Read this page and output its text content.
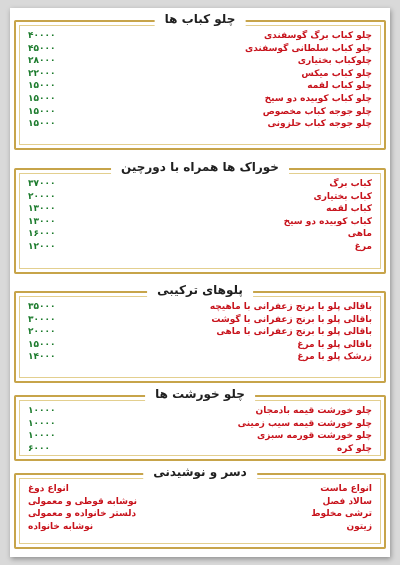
چلو کباب ها
۴۰۰۰۰	چلو کباب برگ گوسفندی
۴۵۰۰۰	چلو کباب سلطانی گوسفندی
۲۸۰۰۰	چلوکباب بختیاری
۲۲۰۰۰	چلو کباب میکس
۱۵۰۰۰	چلو کباب لقمه
۱۵۰۰۰	چلو کباب کوبیده دو سیخ
۱۵۰۰۰	چلو جوجه کباب مخصوص
۱۵۰۰۰	چلو جوجه کباب حلزونی
خوراک ها همراه با دورچین
۳۷۰۰۰	کباب برگ
۲۰۰۰۰	کباب بختیاری
۱۳۰۰۰	کباب لقمه
۱۳۰۰۰	کباب کوبیده دو سیخ
۱۶۰۰۰	ماهی
۱۲۰۰۰	مرغ
پلوهای ترکیبی
۳۵۰۰۰	باقالی پلو با برنج زعفرانی با ماهیچه
۳۰۰۰۰	باقالی پلو با برنج زعفرانی با گوشت
۲۰۰۰۰	باقالی پلو با برنج زعفرانی با ماهی
۱۵۰۰۰	باقالی پلو با مرغ
۱۴۰۰۰	زرشک پلو با مرغ
چلو خورشت ها
۱۰۰۰۰	چلو خورشت قیمه بادمجان
۱۰۰۰۰	چلو خورشت قیمه سیب زمینی
۱۰۰۰۰	چلو خورشت قورمه سبزی
۶۰۰۰	چلو کره
دسر و نوشیدنی
انواع دوغ
نوشابه قوطی و معمولی
دلستر خانواده و معمولی
نوشابه خانواده
انواع ماست
سالاد فصل
ترشی مخلوط
زیتون
